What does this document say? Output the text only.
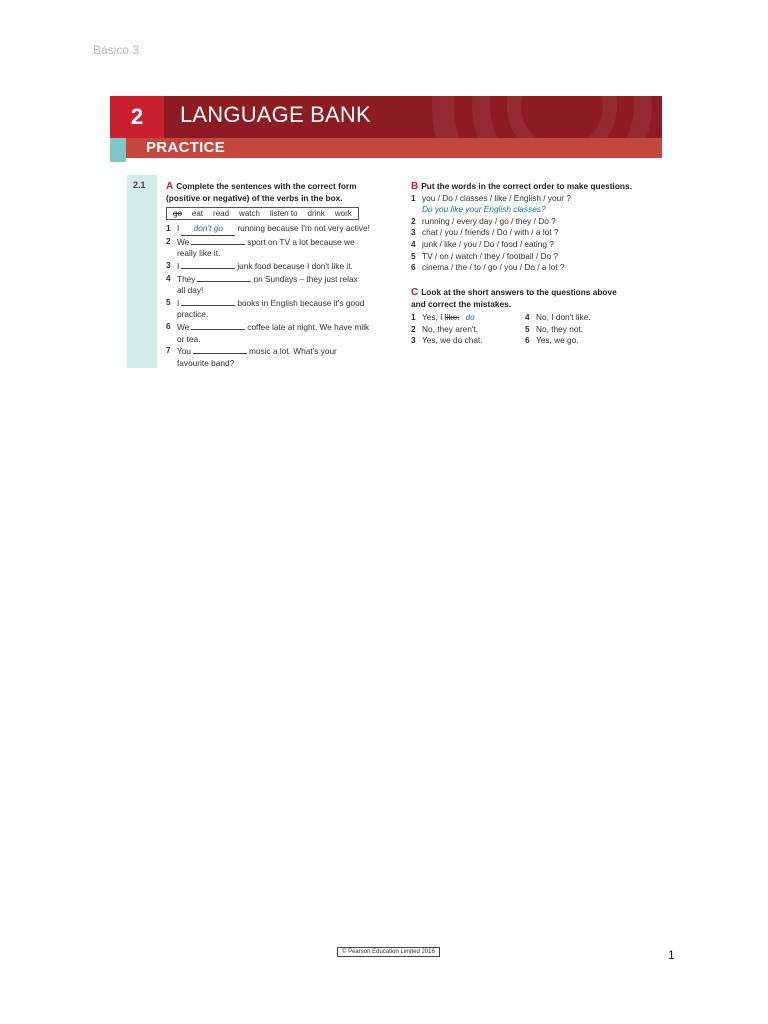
Básico 3
2	LANGUAGE BANK
PRACTICE
2.1 A Complete the sentences with the correct form
(positive or negative) of the verbs in the box.
go eat read watch listen to drink work
1 I don't go running because I'm not very active!
2 We	sport on TV a lot because we
really like it.
3 I	junk food because I don't like it.
4 They	on Sundays – they just relax
all day!
5 I	books in English because it's good
practice.
6 We	coffee late at night. We have milk
or tea.
7 You	music a lot. What's your
favourite band?
B Put the words in the correct order to make questions.
1 you / Do / classes / like / English / your ?
Do you like your English classes?
2 running / every day / go / they / Do ?
3 chat / you / friends / Do / with / a lot ?
4 junk / like / you / Do / food / eating ?
5 TV / on / watch / they / football / Do ?
6 cinema / the / to / go / you / Do / a lot ?
C Look at the short answers to the questions above
and correct the mistakes.
1 Yes, I like. do	4 No, I don't like.
2 No, they aren't.	5 No, they not.
3 Yes, we do chat.	6 Yes, we go.
© Pearson Education Limited 2016	1
